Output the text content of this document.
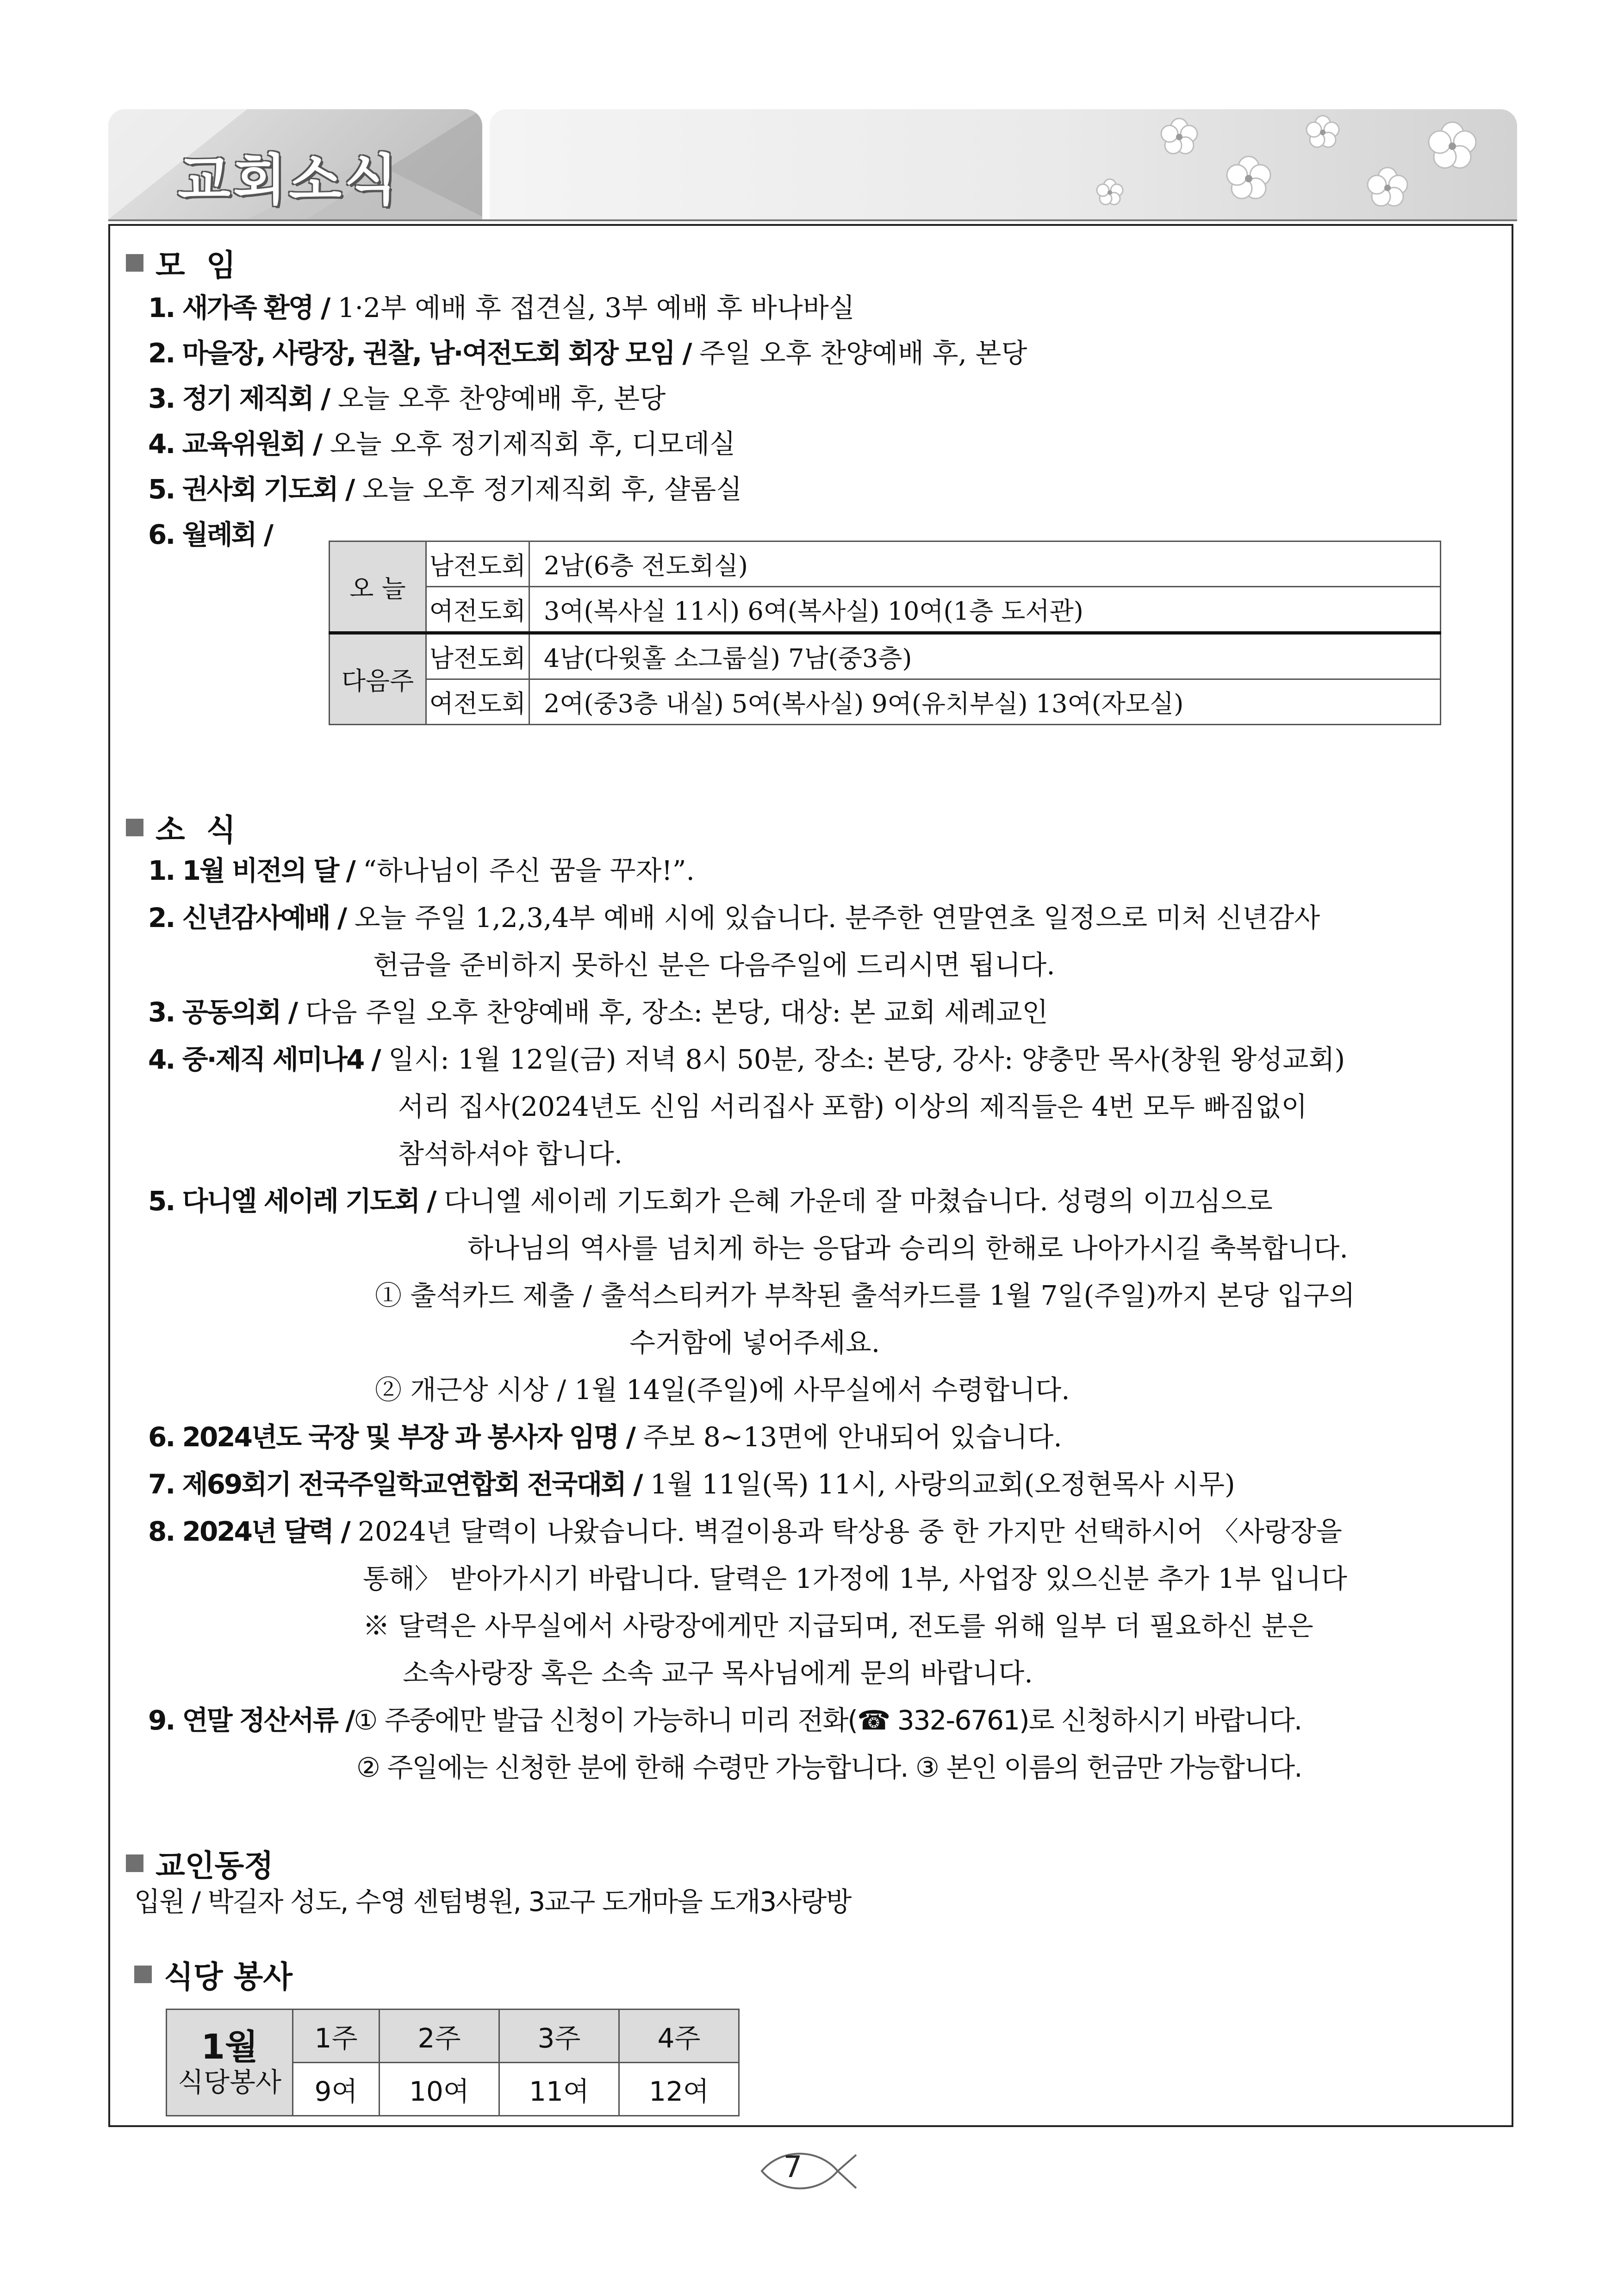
교회소식
모  임
1. 새가족 환영 / 1·2부 예배 후 접견실, 3부 예배 후 바나바실
2. 마을장, 사랑장, 권찰, 남·여전도회 회장 모임 / 주일 오후 찬양예배 후, 본당
3. 정기 제직회 / 오늘 오후 찬양예배 후, 본당
4. 교육위원회 / 오늘 오후 정기제직회 후, 디모데실
5. 권사회 기도회 / 오늘 오후 정기제직회 후, 샬롬실
6. 월례회 /
오 늘	남전도회	2남(6층 전도회실)
	여전도회	3여(복사실 11시) 6여(복사실) 10여(1층 도서관)
다음주	남전도회	4남(다윗홀 소그룹실) 7남(중3층)
	여전도회	2여(중3층 내실) 5여(복사실) 9여(유치부실) 13여(자모실)
소  식
1. 1월 비전의 달 / “하나님이 주신 꿈을 꾸자!”.
2. 신년감사예배 / 오늘 주일 1,2,3,4부 예배 시에 있습니다. 분주한 연말연초 일정으로 미처 신년감사
헌금을 준비하지 못하신 분은 다음주일에 드리시면 됩니다.
3. 공동의회 / 다음 주일 오후 찬양예배 후, 장소: 본당, 대상: 본 교회 세례교인
4. 중·제직 세미나4 / 일시: 1월 12일(금) 저녁 8시 50분, 장소: 본당, 강사: 양충만 목사(창원 왕성교회)
서리 집사(2024년도 신임 서리집사 포함) 이상의 제직들은 4번 모두 빠짐없이
참석하셔야 합니다.
5. 다니엘 세이레 기도회 / 다니엘 세이레 기도회가 은혜 가운데 잘 마쳤습니다. 성령의 이끄심으로
하나님의 역사를 넘치게 하는 응답과 승리의 한해로 나아가시길 축복합니다.
① 출석카드 제출 / 출석스티커가 부착된 출석카드를 1월 7일(주일)까지 본당 입구의
수거함에 넣어주세요.
② 개근상 시상 / 1월 14일(주일)에 사무실에서 수령합니다.
6. 2024년도 국장 및 부장 과 봉사자 임명 / 주보 8~13면에 안내되어 있습니다.
7. 제69회기 전국주일학교연합회 전국대회 / 1월 11일(목) 11시, 사랑의교회(오정현목사 시무)
8. 2024년 달력 / 2024년 달력이 나왔습니다. 벽걸이용과 탁상용 중 한 가지만 선택하시어 〈사랑장을
통해〉 받아가시기 바랍니다. 달력은 1가정에 1부, 사업장 있으신분 추가 1부 입니다
※ 달력은 사무실에서 사랑장에게만 지급되며, 전도를 위해 일부 더 필요하신 분은
소속사랑장 혹은 소속 교구 목사님에게 문의 바랍니다.
9. 연말 정산서류 /① 주중에만 발급 신청이 가능하니 미리 전화(☎ 332-6761)로 신청하시기 바랍니다.
② 주일에는 신청한 분에 한해 수령만 가능합니다. ③ 본인 이름의 헌금만 가능합니다.
교인동정
입원 / 박길자 성도, 수영 센텀병원, 3교구 도개마을 도개3사랑방
식당 봉사
1월
식당봉사	1주	2주	3주	4주
	9여	10여	11여	12여
7
